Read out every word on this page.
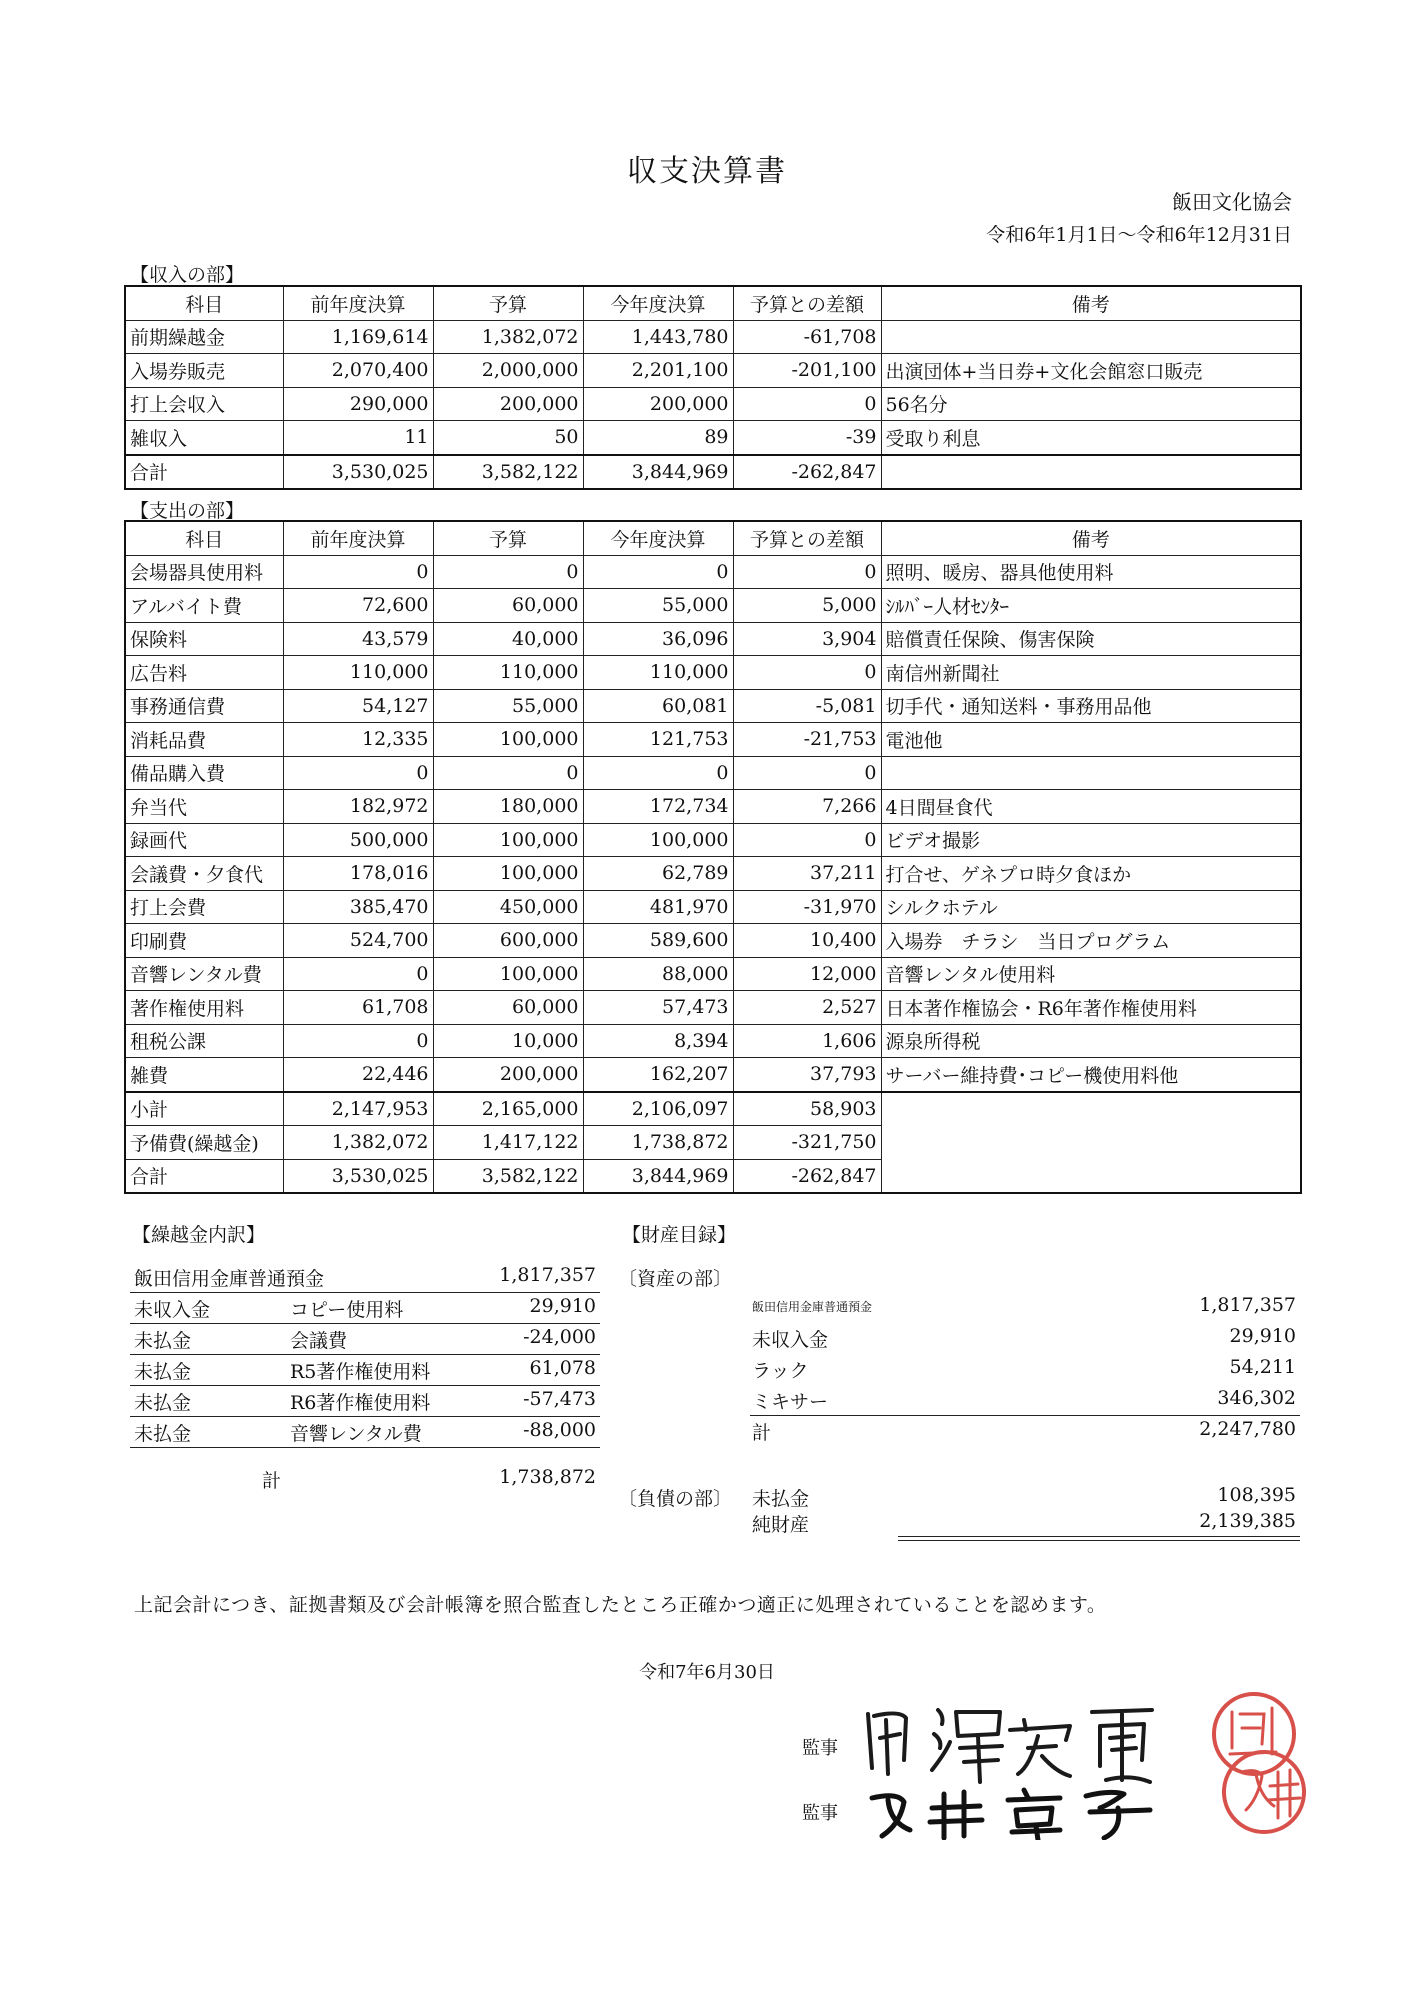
収支決算書
飯田文化協会
令和6年1月1日～令和6年12月31日
【収入の部】
科目	前年度決算	予算	今年度決算	予算との差額	備考
前期繰越金	1,169,614	1,382,072	1,443,780	-61,708	
入場券販売	2,070,400	2,000,000	2,201,100	-201,100	出演団体+当日券+文化会館窓口販売
打上会収入	290,000	200,000	200,000	0	56名分
雑収入	11	50	89	-39	受取り利息
合計	3,530,025	3,582,122	3,844,969	-262,847	
【支出の部】
科目	前年度決算	予算	今年度決算	予算との差額	備考
会場器具使用料	0	0	0	0	照明、暖房、器具他使用料
アルバイト費	72,600	60,000	55,000	5,000	ｼﾙﾊﾞｰ人材ｾﾝﾀｰ
保険料	43,579	40,000	36,096	3,904	賠償責任保険、傷害保険
広告料	110,000	110,000	110,000	0	南信州新聞社
事務通信費	54,127	55,000	60,081	-5,081	切手代・通知送料・事務用品他
消耗品費	12,335	100,000	121,753	-21,753	電池他
備品購入費	0	0	0	0	
弁当代	182,972	180,000	172,734	7,266	4日間昼食代
録画代	500,000	100,000	100,000	0	ビデオ撮影
会議費・夕食代	178,016	100,000	62,789	37,211	打合せ、ゲネプロ時夕食ほか
打上会費	385,470	450,000	481,970	-31,970	シルクホテル
印刷費	524,700	600,000	589,600	10,400	入場券　チラシ　当日プログラム
音響レンタル費	0	100,000	88,000	12,000	音響レンタル使用料
著作権使用料	61,708	60,000	57,473	2,527	日本著作権協会・R6年著作権使用料
租税公課	0	10,000	8,394	1,606	源泉所得税
雑費	22,446	200,000	162,207	37,793	サーバー維持費･コピー機使用料他
小計	2,147,953	2,165,000	2,106,097	58,903	
予備費(繰越金)	1,382,072	1,417,122	1,738,872	-321,750	
合計	3,530,025	3,582,122	3,844,969	-262,847	
【繰越金内訳】
飯田信用金庫普通預金	1,817,357
未収入金	コピー使用料	29,910
未払金	会議費	-24,000
未払金	R5著作権使用料	61,078
未払金	R6著作権使用料	-57,473
未払金	音響レンタル費	-88,000
計	1,738,872
【財産目録】
〔資産の部〕
飯田信用金庫普通預金	1,817,357
未収入金	29,910
ラック	54,211
ミキサー	346,302
計	2,247,780
〔負債の部〕 未払金	108,395
純財産	2,139,385
上記会計につき、証拠書類及び会計帳簿を照合監査したところ正確かつ適正に処理されていることを認めます。
令和7年6月30日
監事
監事
